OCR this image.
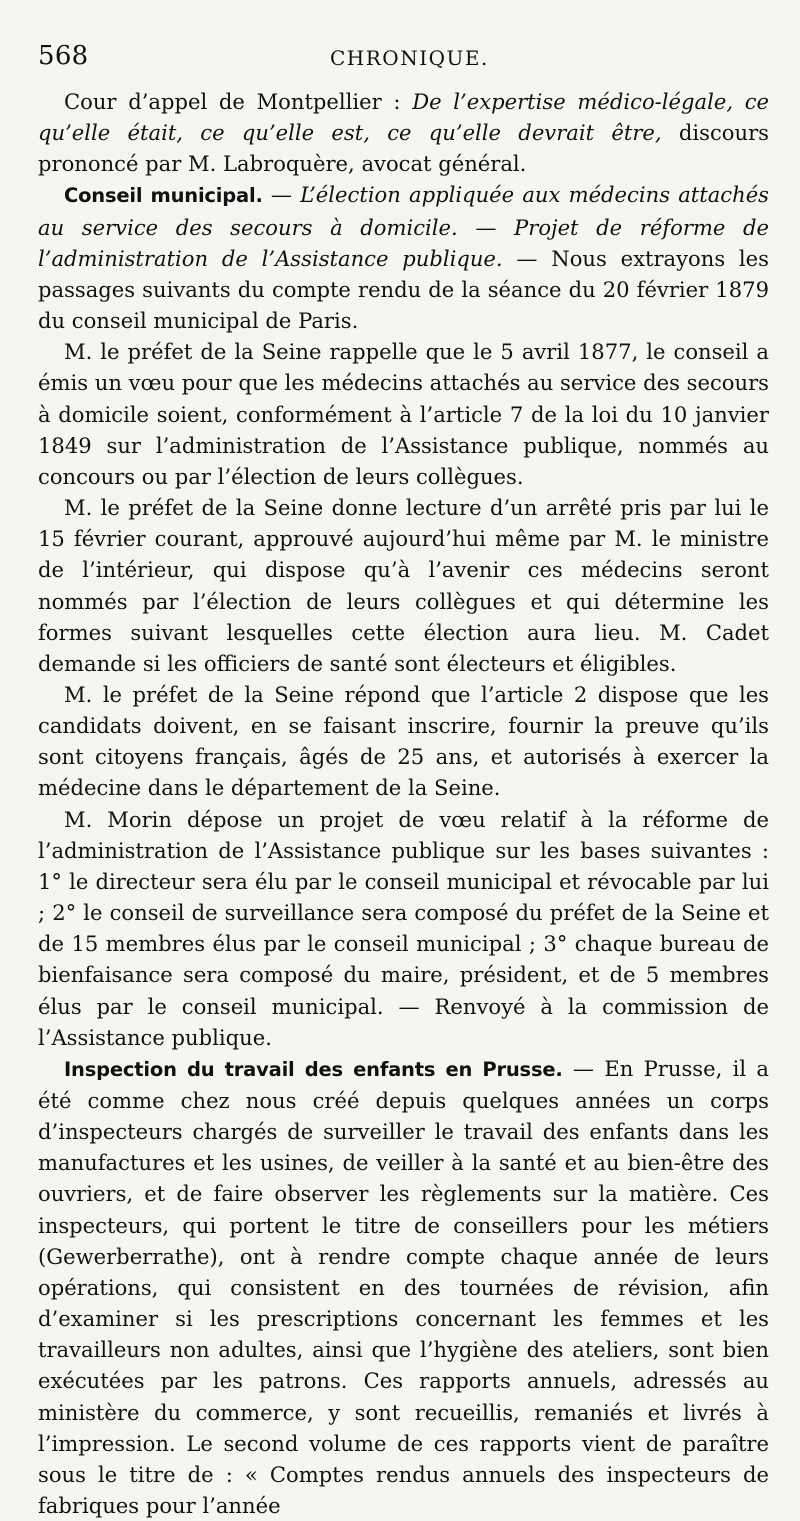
568	CHRONIQUE.

Cour d’appel de Montpellier : De l’expertise médico-légale, ce qu’elle était, ce qu’elle est, ce qu’elle devrait être, discours prononcé par M. Labroquère, avocat général.

Conseil municipal. — L’élection appliquée aux médecins attachés au service des secours à domicile. — Projet de réforme de l’administration de l’Assistance publique. — Nous extrayons les passages suivants du compte rendu de la séance du 20 février 1879 du conseil municipal de Paris.

M. le préfet de la Seine rappelle que le 5 avril 1877, le conseil a émis un vœu pour que les médecins attachés au service des secours à domicile soient, conformément à l’article 7 de la loi du 10 janvier 1849 sur l’administration de l’Assistance publique, nommés au concours ou par l’élection de leurs collègues.

M. le préfet de la Seine donne lecture d’un arrêté pris par lui le 15 février courant, approuvé aujourd’hui même par M. le ministre de l’intérieur, qui dispose qu’à l’avenir ces médecins seront nommés par l’élection de leurs collègues et qui détermine les formes suivant lesquelles cette élection aura lieu. M. Cadet demande si les officiers de santé sont électeurs et éligibles.

M. le préfet de la Seine répond que l’article 2 dispose que les candidats doivent, en se faisant inscrire, fournir la preuve qu’ils sont citoyens français, âgés de 25 ans, et autorisés à exercer la médecine dans le département de la Seine.

M. Morin dépose un projet de vœu relatif à la réforme de l’administration de l’Assistance publique sur les bases suivantes : 1° le directeur sera élu par le conseil municipal et révocable par lui ; 2° le conseil de surveillance sera composé du préfet de la Seine et de 15 membres élus par le conseil municipal ; 3° chaque bureau de bienfaisance sera composé du maire, président, et de 5 membres élus par le conseil municipal. — Renvoyé à la commission de l’Assistance publique.

Inspection du travail des enfants en Prusse. — En Prusse, il a été comme chez nous créé depuis quelques années un corps d’inspecteurs chargés de surveiller le travail des enfants dans les manufactures et les usines, de veiller à la santé et au bien-être des ouvriers, et de faire observer les règlements sur la matière. Ces inspecteurs, qui portent le titre de conseillers pour les métiers (Gewerberrathe), ont à rendre compte chaque année de leurs opérations, qui consistent en des tournées de révision, afin d’examiner si les prescriptions concernant les femmes et les travailleurs non adultes, ainsi que l’hygiène des ateliers, sont bien exécutées par les patrons. Ces rapports annuels, adressés au ministère du commerce, y sont recueillis, remaniés et livrés à l’impression. Le second volume de ces rapports vient de paraître sous le titre de : « Comptes rendus annuels des inspecteurs de fabriques pour l’année
